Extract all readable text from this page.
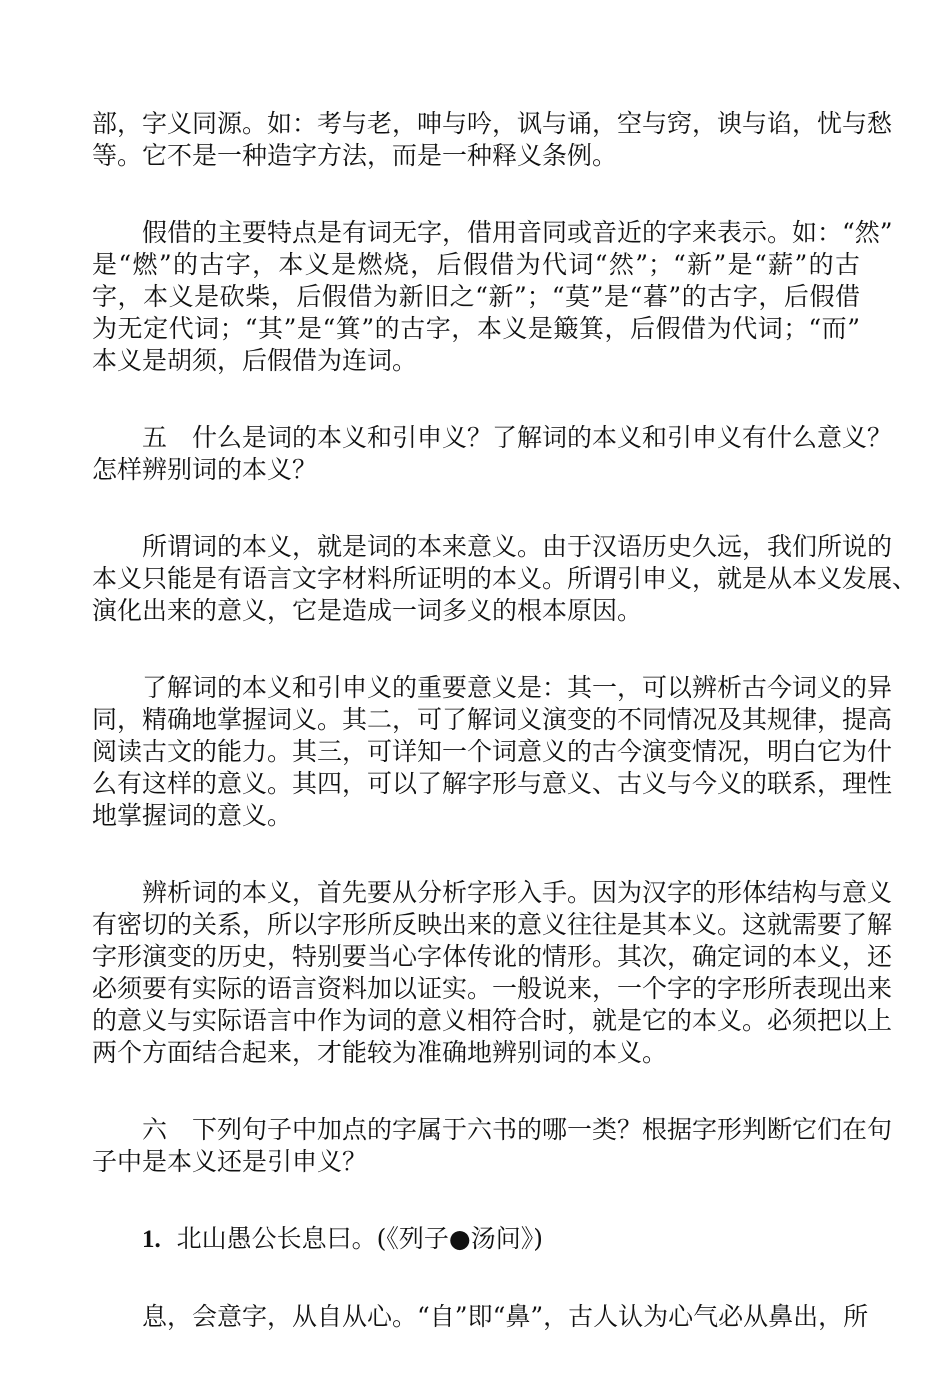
部，字义同源。如：考与老，呻与吟，讽与诵，空与窍，谀与谄，忧与愁
等。它不是一种造字方法，而是一种释义条例。
假借的主要特点是有词无字，借用音同或音近的字来表示。如：“然”
是“燃”的古字，本义是燃烧，后假借为代词“然”；“新”是“薪”的古
字，本义是砍柴，后假借为新旧之“新”；“莫”是“暮”的古字，后假借
为无定代词；“其”是“箕”的古字，本义是簸箕，后假借为代词；“而”
本义是胡须，后假借为连词。
五　什么是词的本义和引申义？了解词的本义和引申义有什么意义？
怎样辨别词的本义？
所谓词的本义，就是词的本来意义。由于汉语历史久远，我们所说的
本义只能是有语言文字材料所证明的本义。所谓引申义，就是从本义发展、
演化出来的意义，它是造成一词多义的根本原因。
了解词的本义和引申义的重要意义是：其一，可以辨析古今词义的异
同，精确地掌握词义。其二，可了解词义演变的不同情况及其规律，提高
阅读古文的能力。其三，可详知一个词意义的古今演变情况，明白它为什
么有这样的意义。其四，可以了解字形与意义、古义与今义的联系，理性
地掌握词的意义。
辨析词的本义，首先要从分析字形入手。因为汉字的形体结构与意义
有密切的关系，所以字形所反映出来的意义往往是其本义。这就需要了解
字形演变的历史，特别要当心字体传讹的情形。其次，确定词的本义，还
必须要有实际的语言资料加以证实。一般说来，一个字的字形所表现出来
的意义与实际语言中作为词的意义相符合时，就是它的本义。必须把以上
两个方面结合起来，才能较为准确地辨别词的本义。
六　下列句子中加点的字属于六书的哪一类？根据字形判断它们在句
子中是本义还是引申义？
1. 北山愚公长息曰。(《列子●汤问》)
息，会意字，从自从心。“自”即“鼻”，古人认为心气必从鼻出，所
